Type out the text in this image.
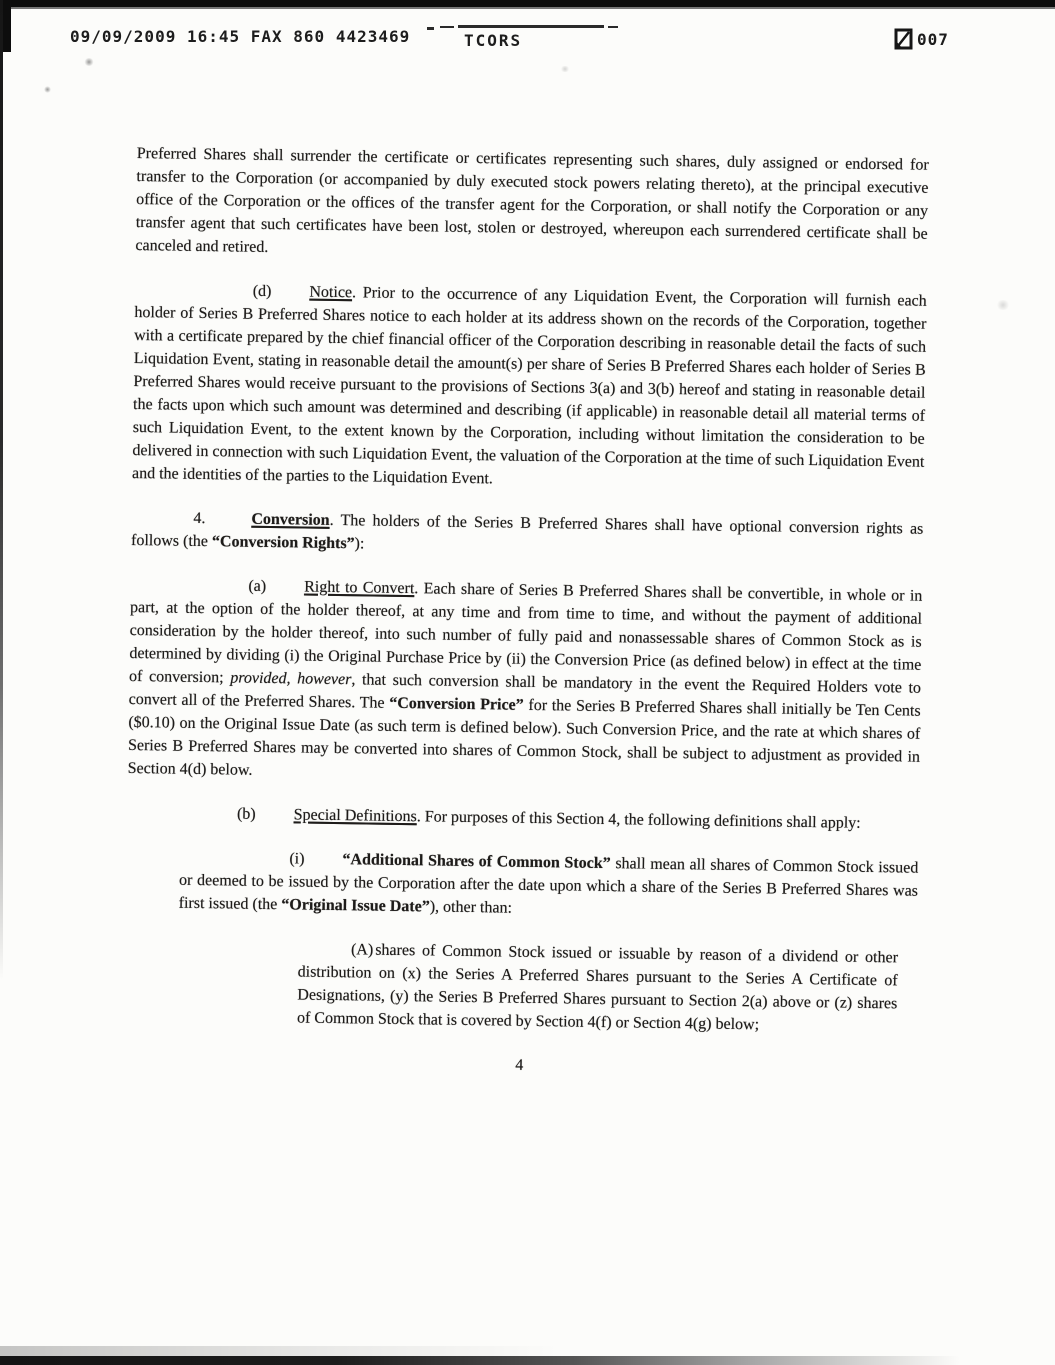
09/09/2009 16:45 FAX 860 4423469	TCORS	007

Preferred Shares shall surrender the certificate or certificates representing such shares, duly assigned or endorsed for transfer to the Corporation (or accompanied by duly executed stock powers relating thereto), at the principal executive office of the Corporation or the offices of the transfer agent for the Corporation, or shall notify the Corporation or any transfer agent that such certificates have been lost, stolen or destroyed, whereupon each surrendered certificate shall be canceled and retired.

(d) Notice. Prior to the occurrence of any Liquidation Event, the Corporation will furnish each holder of Series B Preferred Shares notice to each holder at its address shown on the records of the Corporation, together with a certificate prepared by the chief financial officer of the Corporation describing in reasonable detail the facts of such Liquidation Event, stating in reasonable detail the amount(s) per share of Series B Preferred Shares each holder of Series B Preferred Shares would receive pursuant to the provisions of Sections 3(a) and 3(b) hereof and stating in reasonable detail the facts upon which such amount was determined and describing (if applicable) in reasonable detail all material terms of such Liquidation Event, to the extent known by the Corporation, including without limitation the consideration to be delivered in connection with such Liquidation Event, the valuation of the Corporation at the time of such Liquidation Event and the identities of the parties to the Liquidation Event.

4.	Conversion. The holders of the Series B Preferred Shares shall have optional conversion rights as follows (the “Conversion Rights”):

(a) Right to Convert. Each share of Series B Preferred Shares shall be convertible, in whole or in part, at the option of the holder thereof, at any time and from time to time, and without the payment of additional consideration by the holder thereof, into such number of fully paid and nonassessable shares of Common Stock as is determined by dividing (i) the Original Purchase Price by (ii) the Conversion Price (as defined below) in effect at the time of conversion; provided, however, that such conversion shall be mandatory in the event the Required Holders vote to convert all of the Preferred Shares. The “Conversion Price” for the Series B Preferred Shares shall initially be Ten Cents ($0.10) on the Original Issue Date (as such term is defined below). Such Conversion Price, and the rate at which shares of Series B Preferred Shares may be converted into shares of Common Stock, shall be subject to adjustment as provided in Section 4(d) below.

(b) Special Definitions. For purposes of this Section 4, the following definitions shall apply:

(i) “Additional Shares of Common Stock” shall mean all shares of Common Stock issued or deemed to be issued by the Corporation after the date upon which a share of the Series B Preferred Shares was first issued (the “Original Issue Date”), other than:

(A) shares of Common Stock issued or issuable by reason of a dividend or other distribution on (x) the Series A Preferred Shares pursuant to the Series A Certificate of Designations, (y) the Series B Preferred Shares pursuant to Section 2(a) above or (z) shares of Common Stock that is covered by Section 4(f) or Section 4(g) below;

4
